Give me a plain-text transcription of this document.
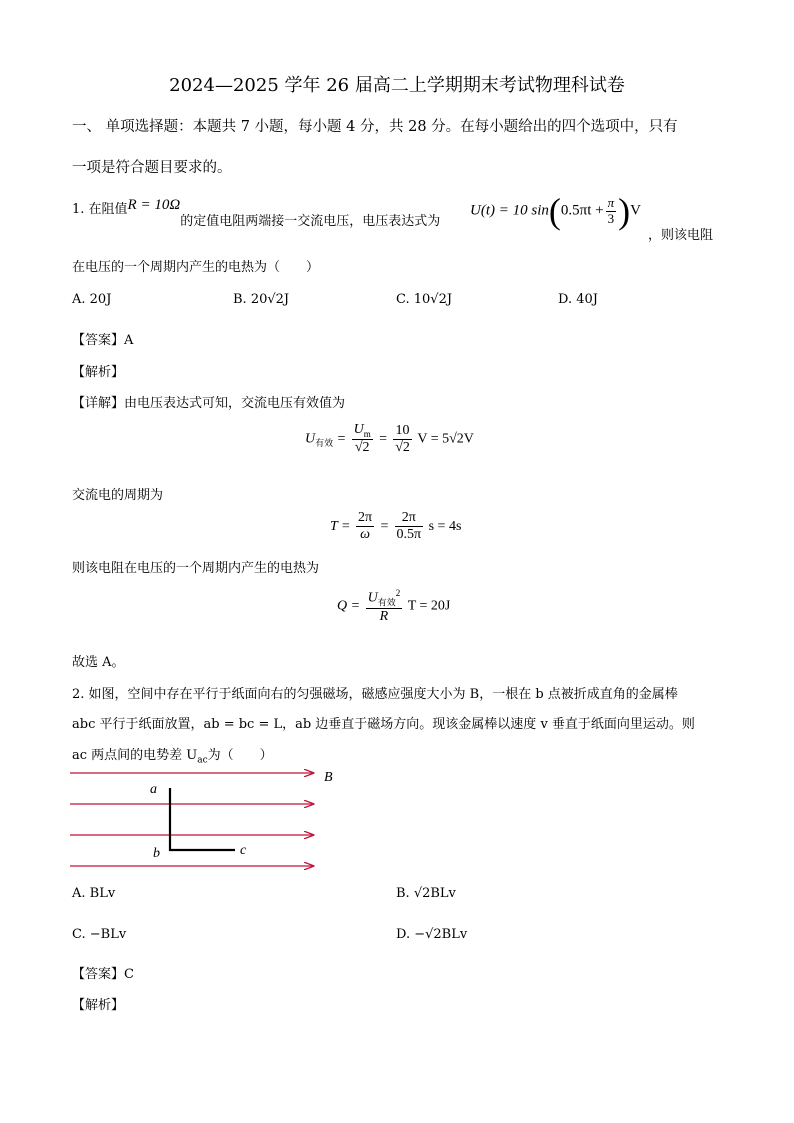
2024—2025 学年 26 届高二上学期期末考试物理科试卷
一、 单项选择题：本题共 7 小题，每小题 4 分，共 28 分。在每小题给出的四个选项中，只有
一项是符合题目要求的。
1. 在阻值R = 10Ω的定值电阻两端接一交流电压，电压表达式为
U(t) = 10 $\sin(0.5\pi t + \frac{\pi}{3} )V$
，则该电阻
在电压的一个周期内产生的电热为（　　）
A. 20J	B. 20√2J	C. 10√2J	D. 40J
【答案】A
【解析】
【详解】由电压表达式可知，交流电压有效值为
$U_{有效} = \frac{U_m}{√2} = \frac{10}{√2}$ V = 5√2V
交流电的周期为
$T = \frac{2\pi}{\omega} = \frac{2\pi}{0.5\pi}$ s = 4s
则该电阻在电压的一个周期内产生的电热为
$Q = \frac{U_{有效}^2}{R}$ T = 20J
故选 A。
2. 如图，空间中存在平行于纸面向右的匀强磁场，磁感应强度大小为 B，一根在 b 点被折成直角的金属棒
abc 平行于纸面放置，ab = bc = L，ab 边垂直于磁场方向。现该金属棒以速度 v 垂直于纸面向里运动。则
ac 两点间的电势差 $U_{ac}$为（　　）
B
a
b	c
A. BLv	B. √2BLv
C. −BLv	D. −√2BLv
【答案】C
【解析】
